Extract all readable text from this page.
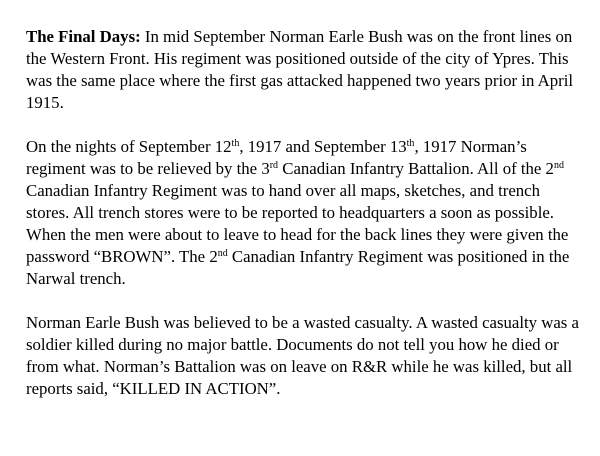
The Final Days: In mid September Norman Earle Bush was on the front lines on the Western Front. His regiment was positioned outside of the city of Ypres. This was the same place where the first gas attacked happened two years prior in April 1915.

On the nights of September 12th, 1917 and September 13th, 1917 Norman’s regiment was to be relieved by the 3rd Canadian Infantry Battalion. All of the 2nd Canadian Infantry Regiment was to hand over all maps, sketches, and trench stores. All trench stores were to be reported to headquarters a soon as possible. When the men were about to leave to head for the back lines they were given the password “BROWN”. The 2nd Canadian Infantry Regiment was positioned in the Narwal trench.

Norman Earle Bush was believed to be a wasted casualty. A wasted casualty was a soldier killed during no major battle. Documents do not tell you how he died or from what. Norman’s Battalion was on leave on R&R while he was killed, but all reports said, “KILLED IN ACTION”.
